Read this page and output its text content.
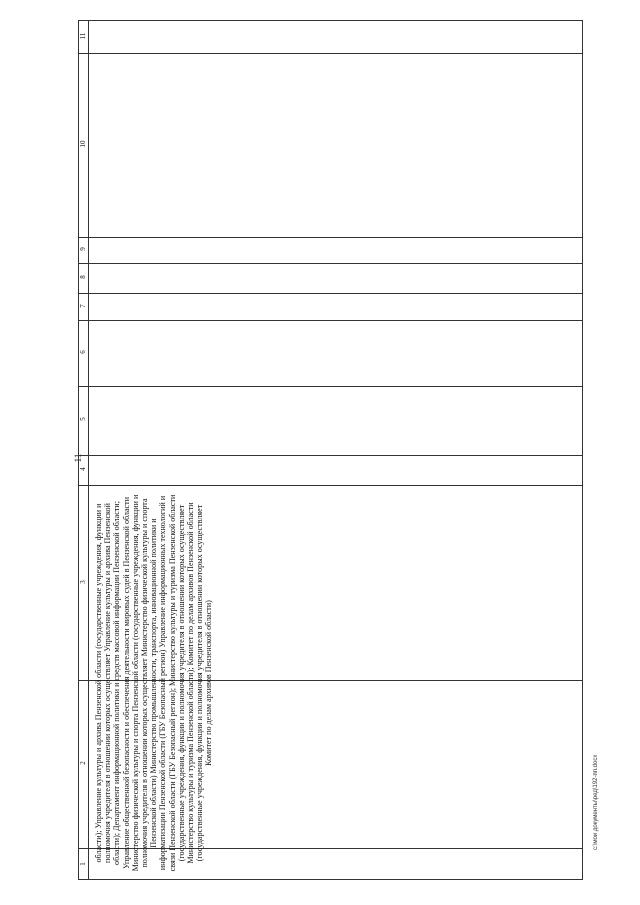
11
1
2
3
4
5
6
7
8
9
10
11
области); Управление культуры и архива Пензенской области (государственные учреждения, функции и полномочия учредителя в отношении которых осуществляет Управление культуры и архива Пензенской области); Департамент информационной политики и средств массовой информации Пензенской области; Управление общественной безопасности и обеспечения деятельности мировых судей в Пензенской области Министерство физической культуры и спорта Пензенской области (государственные учреждения, функции и полномочия учредителя в отношении которых осуществляет Министерство физической культуры и спорта Пензенской области) Министерство промышленности, транспорта, инновационной политики и информатизации Пензенской области (ГБУ Безопасный регион) Управление информационных технологий и связи Пензенской области (ГБУ Безопасный регион); Министерство культуры и туризма Пензенской области (государственные учреждения, функции и полномочия учредителя в отношении которых осуществляет Министерство культуры и туризма Пензенской области); Комитет по делам архивов Пензенской области (государственные учреждения, функции и полномочия учредителя в отношении которых осуществляет Комитет по делам архивов Пензенской области)
c:\мои документы\ред\192-пп.docx
